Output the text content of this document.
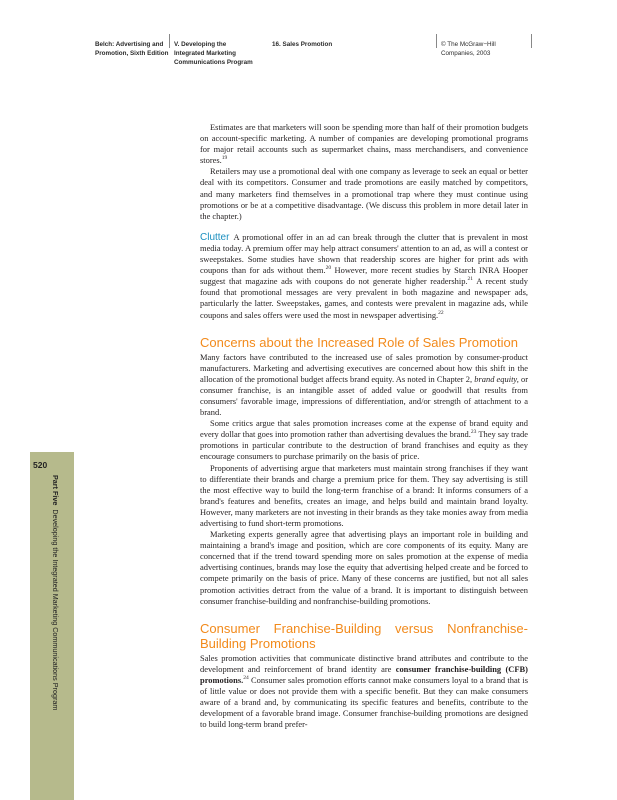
Belch: Advertising and
Promotion, Sixth Edition
V. Developing the
Integrated Marketing
Communications Program
16. Sales Promotion	© The McGraw−Hill
Companies, 2003
520
Part Five  Developing the Integrated Marketing Communications Program

Estimates are that marketers will soon be spending more than half of their promotion budgets on account-specific marketing. A number of companies are developing promotional programs for major retail accounts such as supermarket chains, mass merchandisers, and convenience stores.$^{19}$

Retailers may use a promotional deal with one company as leverage to seek an equal or better deal with its competitors. Consumer and trade promotions are easily matched by competitors, and many marketers find themselves in a promotional trap where they must continue using promotions or be at a competitive disadvantage. (We discuss this problem in more detail later in the chapter.)

Clutter A promotional offer in an ad can break through the clutter that is prevalent in most media today. A premium offer may help attract consumers' attention to an ad, as will a contest or sweepstakes. Some studies have shown that readership scores are higher for print ads with coupons than for ads without them.$^{20}$ However, more recent studies by Starch INRA Hooper suggest that magazine ads with coupons do not generate higher readership.$^{21}$ A recent study found that promotional messages are very prevalent in both magazine and newspaper ads, particularly the latter. Sweepstakes, games, and contests were prevalent in magazine ads, while coupons and sales offers were used the most in newspaper advertising.$^{22}$

Concerns about the Increased Role of Sales Promotion

Many factors have contributed to the increased use of sales promotion by consumer-product manufacturers. Marketing and advertising executives are concerned about how this shift in the allocation of the promotional budget affects brand equity. As noted in Chapter 2, brand equity, or consumer franchise, is an intangible asset of added value or goodwill that results from consumers' favorable image, impressions of differentiation, and/or strength of attachment to a brand.

Some critics argue that sales promotion increases come at the expense of brand equity and every dollar that goes into promotion rather than advertising devalues the brand.$^{23}$ They say trade promotions in particular contribute to the destruction of brand franchises and equity as they encourage consumers to purchase primarily on the basis of price.

Proponents of advertising argue that marketers must maintain strong franchises if they want to differentiate their brands and charge a premium price for them. They say advertising is still the most effective way to build the long-term franchise of a brand: It informs consumers of a brand's features and benefits, creates an image, and helps build and maintain brand loyalty. However, many marketers are not investing in their brands as they take monies away from media advertising to fund short-term promotions.

Marketing experts generally agree that advertising plays an important role in building and maintaining a brand's image and position, which are core components of its equity. Many are concerned that if the trend toward spending more on sales promotion at the expense of media advertising continues, brands may lose the equity that advertising helped create and be forced to compete primarily on the basis of price. Many of these concerns are justified, but not all sales promotion activities detract from the value of a brand. It is important to distinguish between consumer franchise-building and nonfranchise-building promotions.

Consumer Franchise-Building versus Nonfranchise-Building Promotions

Sales promotion activities that communicate distinctive brand attributes and contribute to the development and reinforcement of brand identity are consumer franchise-building (CFB) promotions.$^{24}$ Consumer sales promotion efforts cannot make consumers loyal to a brand that is of little value or does not provide them with a specific benefit. But they can make consumers aware of a brand and, by communicating its specific features and benefits, contribute to the development of a favorable brand image. Consumer franchise-building promotions are designed to build long-term brand prefer-
